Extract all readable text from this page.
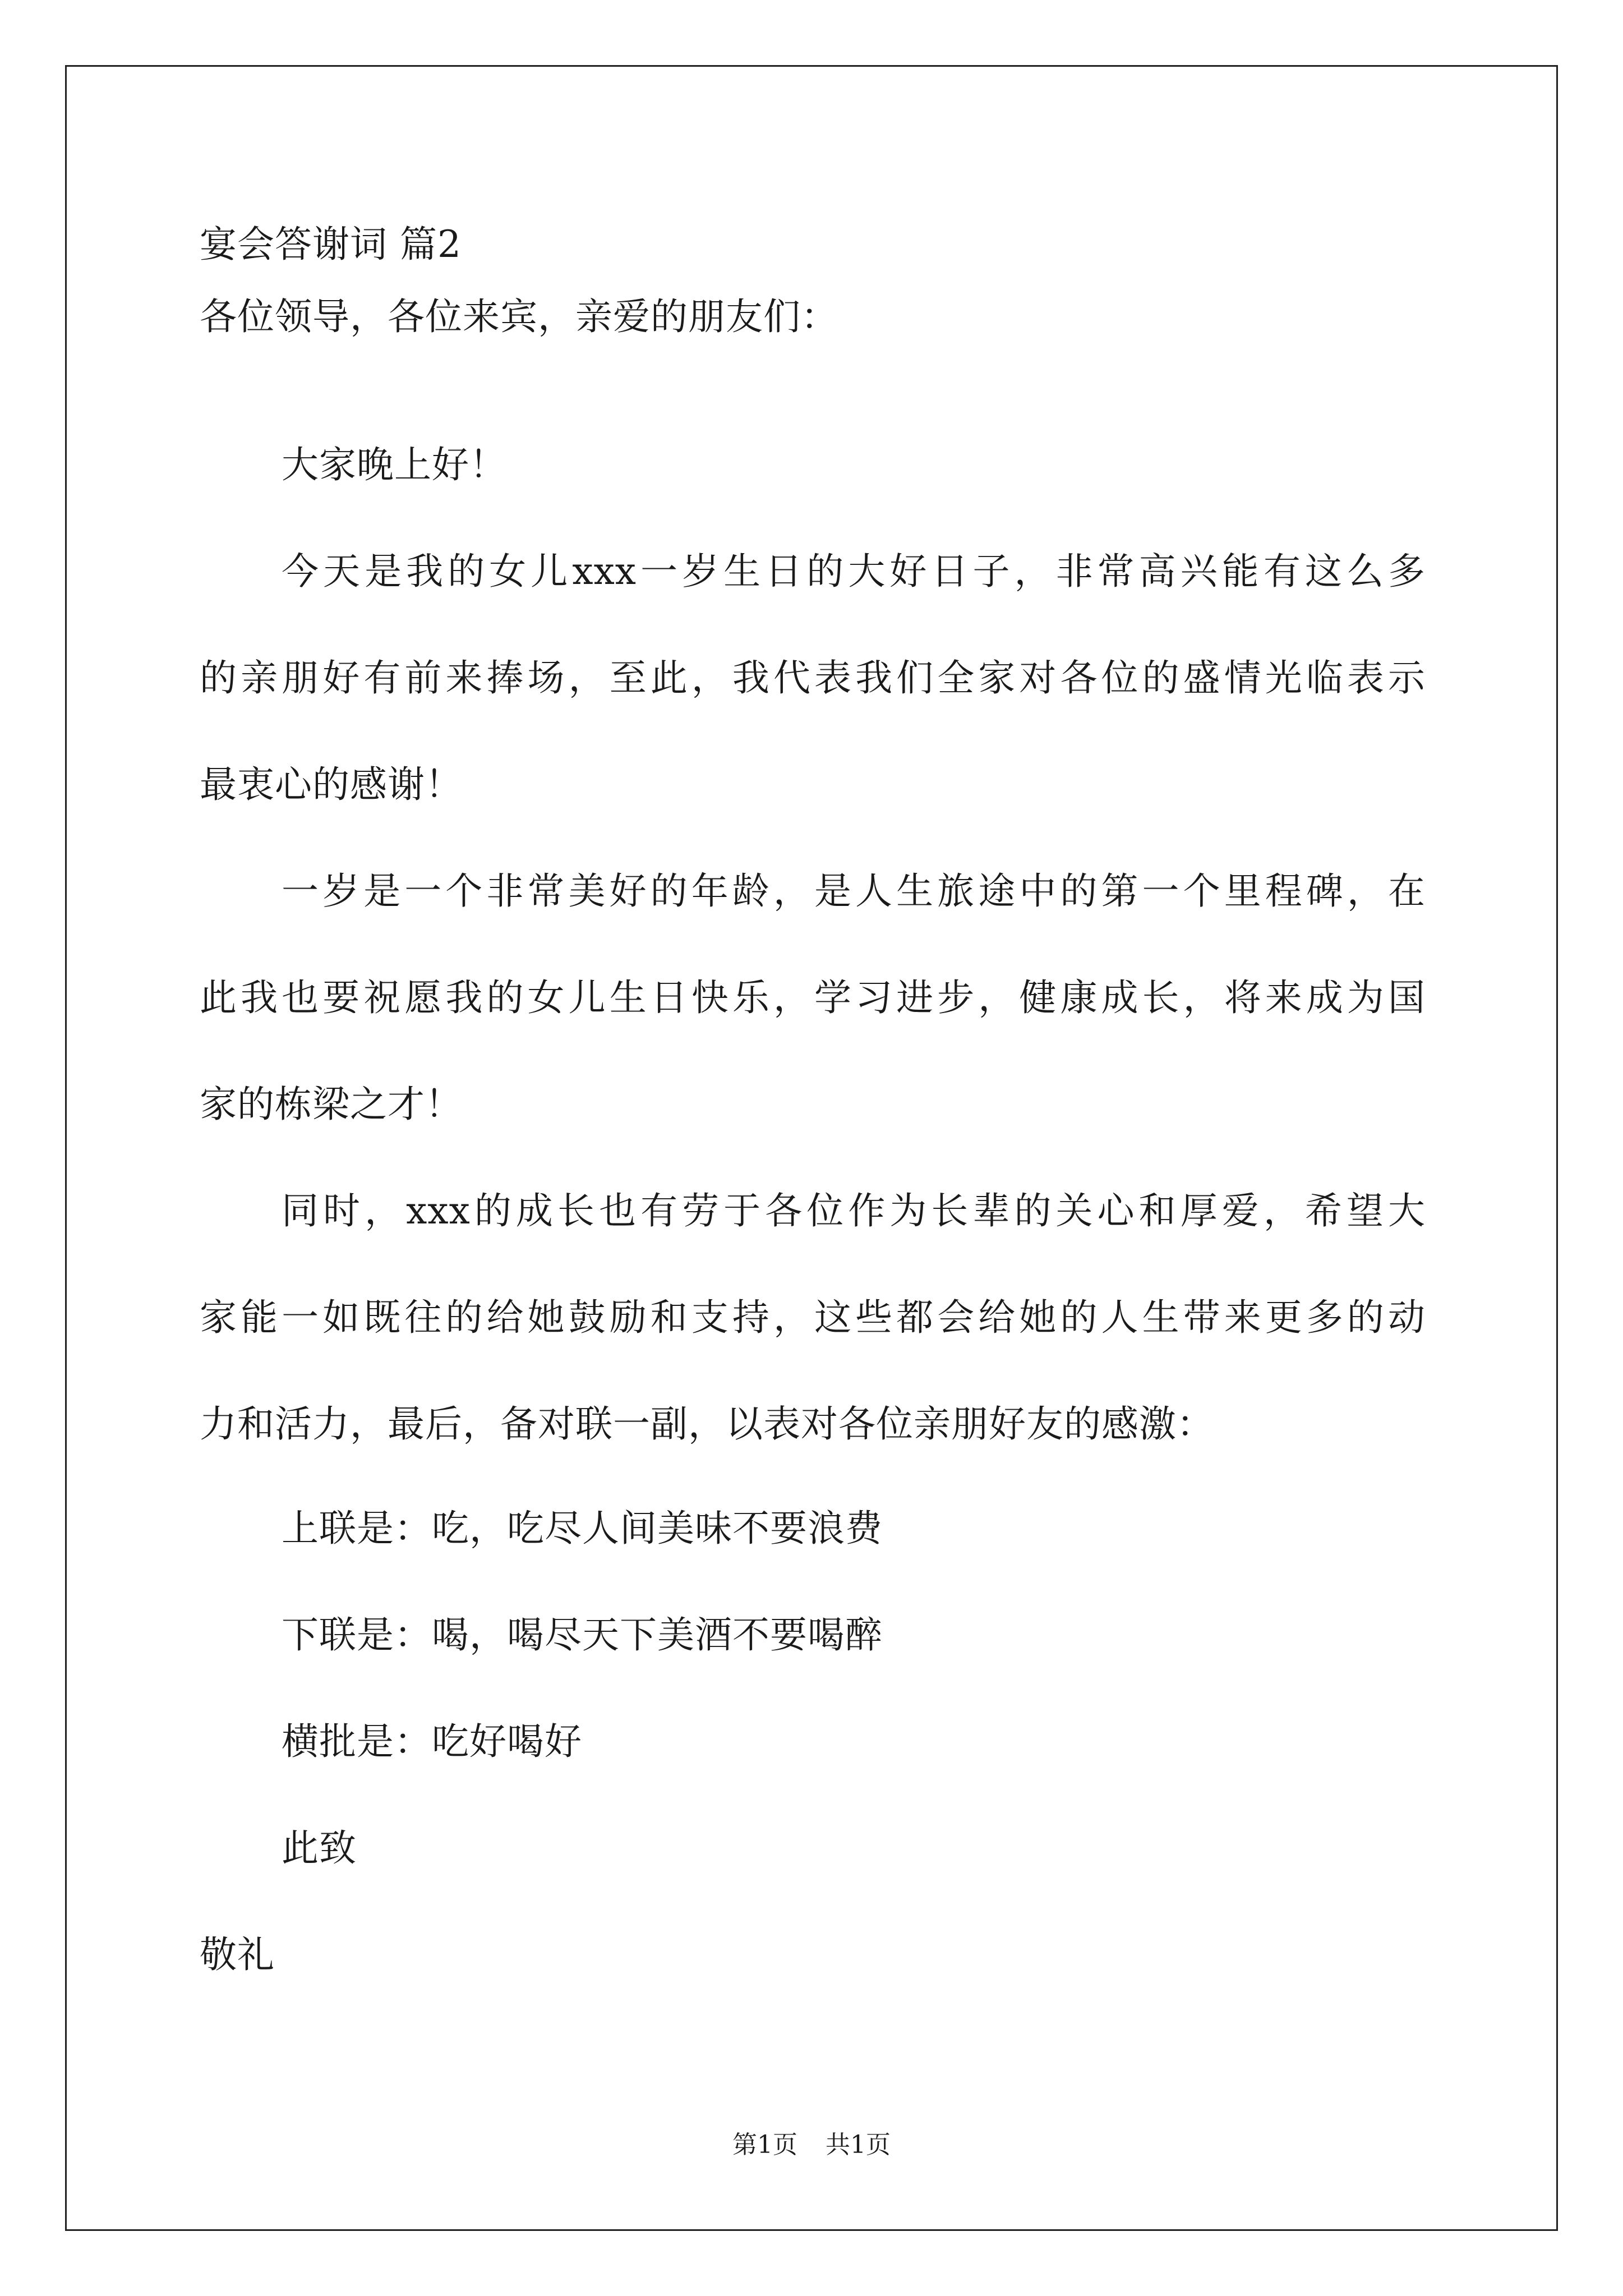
宴会答谢词 篇2
各位领导，各位来宾，亲爱的朋友们：
大家晚上好！
今天是我的女儿xxx一岁生日的大好日子，非常高兴能有这么多
的亲朋好有前来捧场，至此，我代表我们全家对各位的盛情光临表示
最衷心的感谢！
一岁是一个非常美好的年龄，是人生旅途中的第一个里程碑，在
此我也要祝愿我的女儿生日快乐，学习进步，健康成长，将来成为国
家的栋梁之才！
同时，xxx的成长也有劳于各位作为长辈的关心和厚爱，希望大
家能一如既往的给她鼓励和支持，这些都会给她的人生带来更多的动
力和活力，最后，备对联一副，以表对各位亲朋好友的感激：
上联是：吃，吃尽人间美味不要浪费
下联是：喝，喝尽天下美酒不要喝醉
横批是：吃好喝好
此致
敬礼
第1页 共1页
